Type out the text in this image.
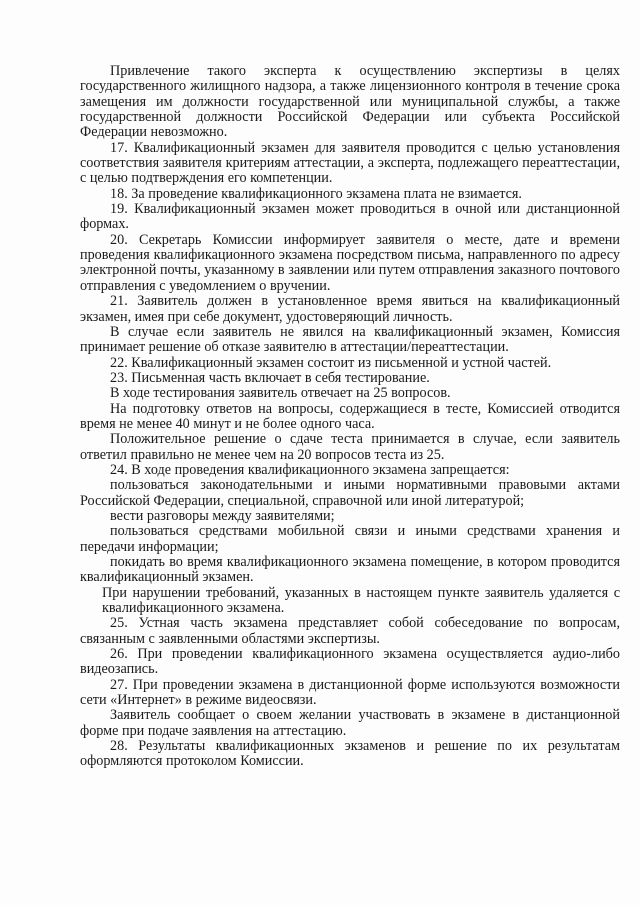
Привлечение такого эксперта к осуществлению экспертизы в целях государственного жилищного надзора, а также лицензионного контроля в течение срока замещения им должности государственной или муниципальной службы, а также государственной должности Российской Федерации или субъекта Российской Федерации невозможно.

17. Квалификационный экзамен для заявителя проводится с целью установления соответствия заявителя критериям аттестации, а эксперта, подлежащего переаттестации, с целью подтверждения его компетенции.

18. За проведение квалификационного экзамена плата не взимается.

19. Квалификационный экзамен может проводиться в очной или дистанционной формах.

20. Секретарь Комиссии информирует заявителя о месте, дате и времени проведения квалификационного экзамена посредством письма, направленного по адресу электронной почты, указанному в заявлении или путем отправления заказного почтового отправления с уведомлением о вручении.

21. Заявитель должен в установленное время явиться на квалификационный экзамен, имея при себе документ, удостоверяющий личность.

В случае если заявитель не явился на квалификационный экзамен, Комиссия принимает решение об отказе заявителю в аттестации/переаттестации.

22. Квалификационный экзамен состоит из письменной и устной частей.

23. Письменная часть включает в себя тестирование.

В ходе тестирования заявитель отвечает на 25 вопросов.

На подготовку ответов на вопросы, содержащиеся в тесте, Комиссией отводится время не менее 40 минут и не более одного часа.

Положительное решение о сдаче теста принимается в случае, если заявитель ответил правильно не менее чем на 20 вопросов теста из 25.

24. В ходе проведения квалификационного экзамена запрещается:

пользоваться законодательными и иными нормативными правовыми актами Российской Федерации, специальной, справочной или иной литературой;

вести разговоры между заявителями;

пользоваться средствами мобильной связи и иными средствами хранения и передачи информации;

покидать во время квалификационного экзамена помещение, в котором проводится квалификационный экзамен.

При нарушении требований, указанных в настоящем пункте заявитель удаляется с квалификационного экзамена.

25. Устная часть экзамена представляет собой собеседование по вопросам, связанным с заявленными областями экспертизы.

26. При проведении квалификационного экзамена осуществляется аудио-либо видеозапись.

27. При проведении экзамена в дистанционной форме используются возможности сети «Интернет» в режиме видеосвязи.

Заявитель сообщает о своем желании участвовать в экзамене в дистанционной форме при подаче заявления на аттестацию.

28. Результаты квалификационных экзаменов и решение по их результатам оформляются протоколом Комиссии.
